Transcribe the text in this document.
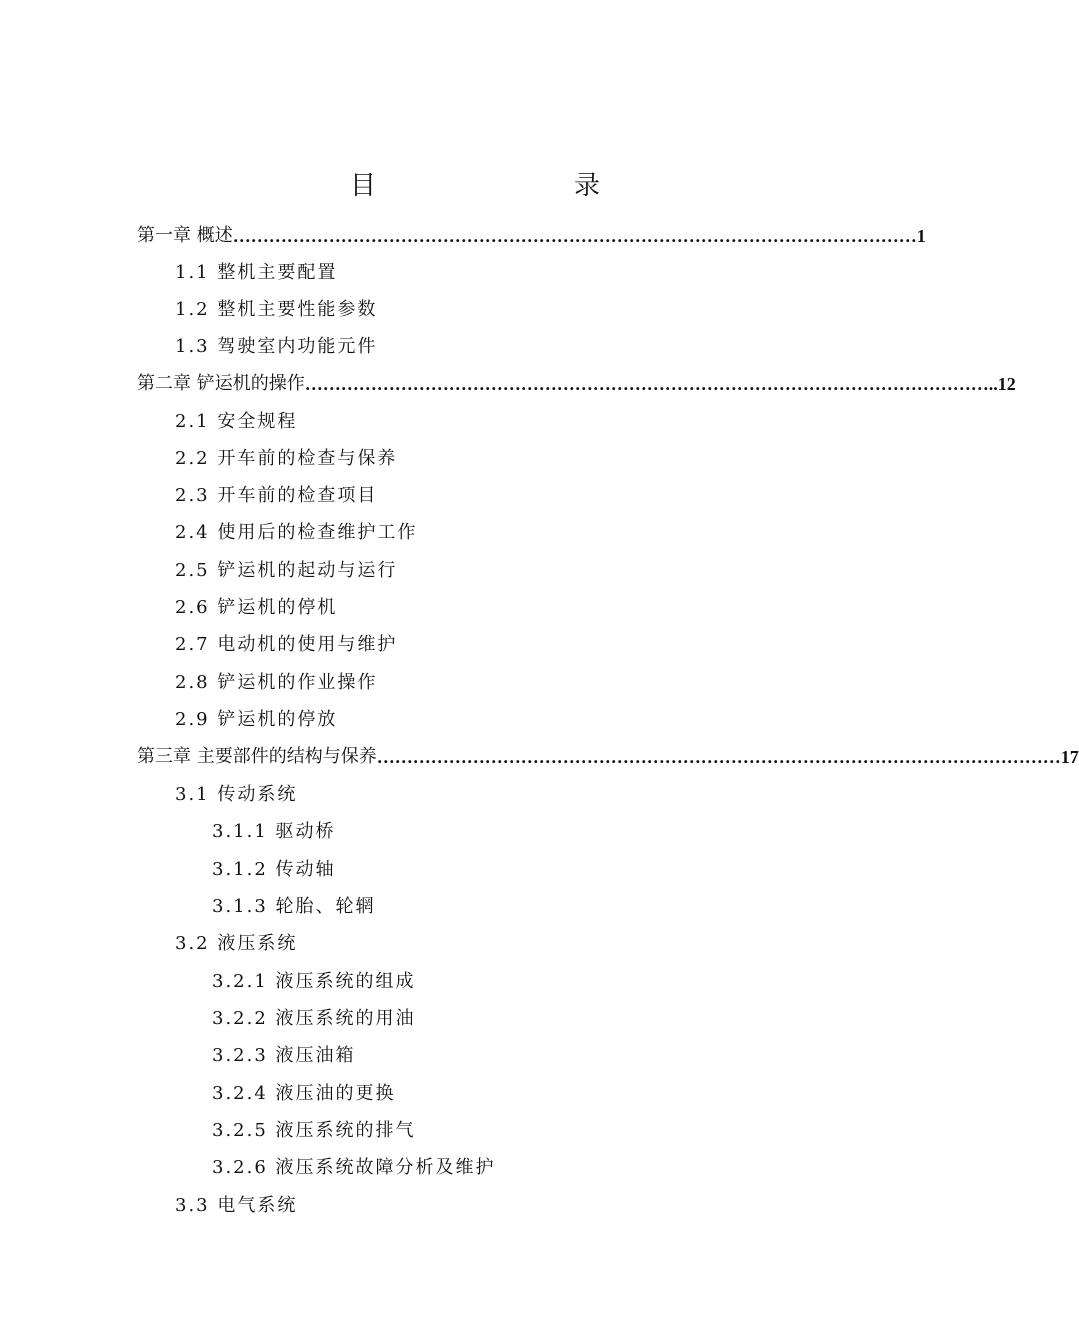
目　录
第一章 概述 …………………………………………………………………………………………………… 1
1.1 整机主要配置
1.2 整机主要性能参数
1.3 驾驶室内功能元件
第二章 铲运机的操作 …………………………………………………………………………………………………… ..12
2.1 安全规程
2.2 开车前的检查与保养
2.3 开车前的检查项目
2.4 使用后的检查维护工作
2.5 铲运机的起动与运行
2.6 铲运机的停机
2.7 电动机的使用与维护
2.8 铲运机的作业操作
2.9 铲运机的停放
第三章 主要部件的结构与保养 …………………………………………………………………………………………………… 17
3.1 传动系统
3.1.1 驱动桥
3.1.2 传动轴
3.1.3 轮胎、轮辋
3.2 液压系统
3.2.1 液压系统的组成
3.2.2 液压系统的用油
3.2.3 液压油箱
3.2.4 液压油的更换
3.2.5 液压系统的排气
3.2.6 液压系统故障分析及维护
3.3 电气系统
